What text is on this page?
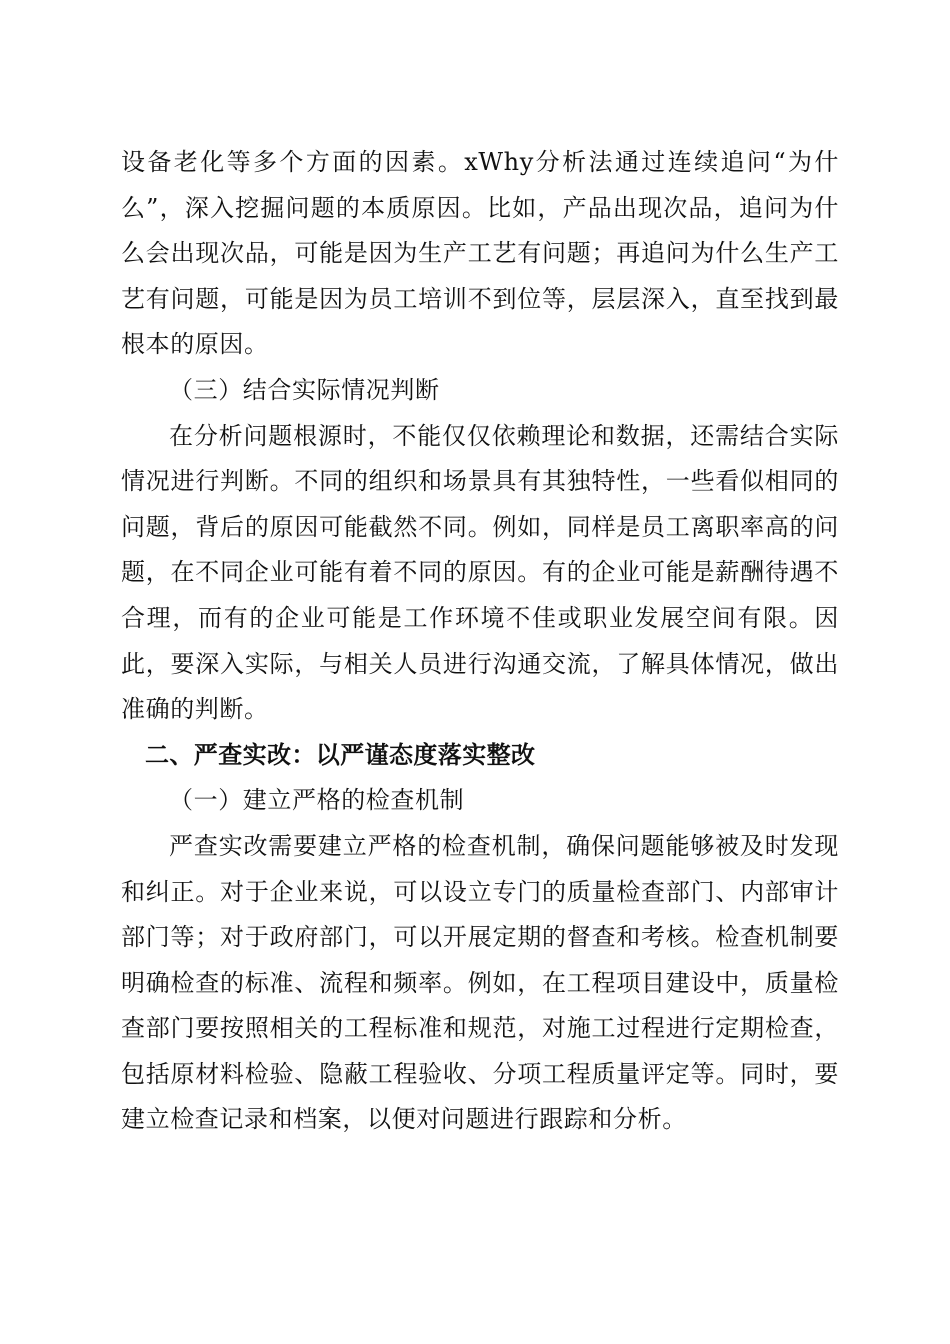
设备老化等多个方面的因素。xWhy分析法通过连续追问“为什么”，深入挖掘问题的本质原因。比如，产品出现次品，追问为什么会出现次品，可能是因为生产工艺有问题；再追问为什么生产工艺有问题，可能是因为员工培训不到位等，层层深入，直至找到最根本的原因。

（三）结合实际情况判断

在分析问题根源时，不能仅仅依赖理论和数据，还需结合实际情况进行判断。不同的组织和场景具有其独特性，一些看似相同的问题，背后的原因可能截然不同。例如，同样是员工离职率高的问题，在不同企业可能有着不同的原因。有的企业可能是薪酬待遇不合理，而有的企业可能是工作环境不佳或职业发展空间有限。因此，要深入实际，与相关人员进行沟通交流，了解具体情况，做出准确的判断。

二、严查实改：以严谨态度落实整改

（一）建立严格的检查机制

严查实改需要建立严格的检查机制，确保问题能够被及时发现和纠正。对于企业来说，可以设立专门的质量检查部门、内部审计部门等；对于政府部门，可以开展定期的督查和考核。检查机制要明确检查的标准、流程和频率。例如，在工程项目建设中，质量检查部门要按照相关的工程标准和规范，对施工过程进行定期检查，包括原材料检验、隐蔽工程验收、分项工程质量评定等。同时，要建立检查记录和档案，以便对问题进行跟踪和分析。
